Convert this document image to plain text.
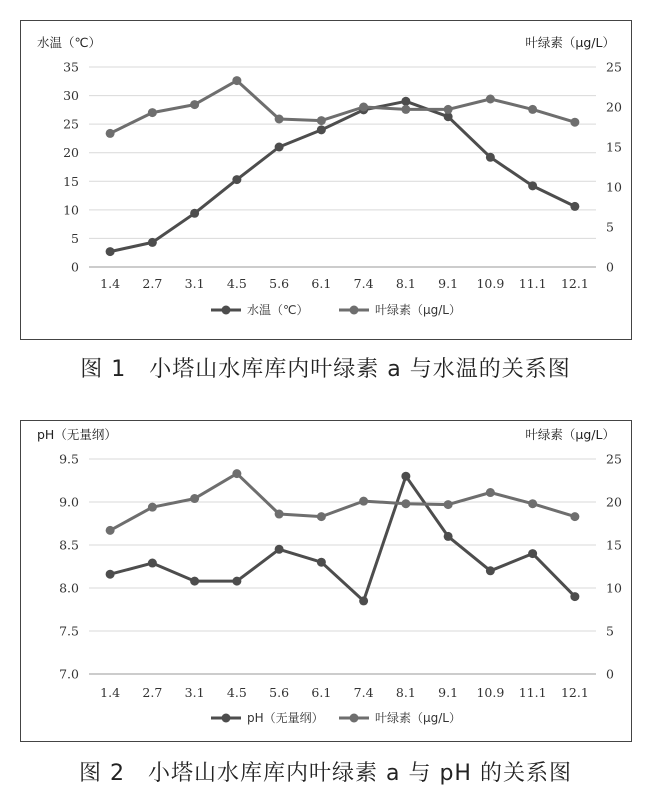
0
5
10
15
20
25
30
35
0
5
10
15
20
25
1.4 2.7 3.1 4.5 5.6 6.1 7.4 8.1 9.1 10.9 11.1 12.1
水温（℃）	叶绿素（μg/L）
水温（℃）	叶绿素（μg/L）
图 1　小塔山水库库内叶绿素 a 与水温的关系图
7.0
7.5
8.0
8.5
9.0
9.5
0
5
10
15
20
25
1.4 2.7 3.1 4.5 5.6 6.1 7.4 8.1 9.1 10.9 11.1 12.1
pH（无量纲）	叶绿素（μg/L）
pH（无量纲）	叶绿素（μg/L）
图 2　小塔山水库库内叶绿素 a 与 pH 的关系图
